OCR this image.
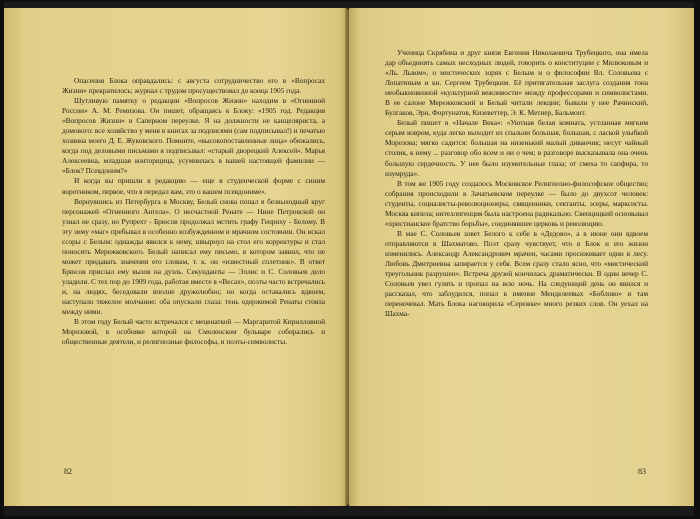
Опасения Блока оправдались: с августа сотрудничество его в «Вопросах Жизни» прекратилось; журнал с трудом просуществовал до конца 1905 года.

Шутливую памятку о редакции «Вопросов Жизни» находим в «Огненной России» А. М. Ремизова. Он пишет, обращаясь к Блоку: «1905 год. Редакция «Вопросов Жизни» в Саперном переулке. Я на должности не канцеляриста, а домового: все хозяйство у меня в книгах за подписями (сам подписывал!) и печатью хозяина моего Д. Е. Жуковского. Помните, «высокопоставленные лица» обижались, когда под деловыми письмами я подписывал: «старый дворецкий Алексей». Марья Алексеевна, младшая конторщица, усумнилась в вашей настоящей фамилии — «Блок? Псевдоним?»

И когда вы пришли в редакцию — еще в студенческой форме с синим воротником, первое, что я передал вам, это о вашем псевдониме».

Вернувшись из Петербурга в Москву, Белый снова попал в безвыходный круг персонажей «Огненного Ангела». О несчастной Ренате — Нине Петровской он узнал не сразу, но Рупрехт - Брюсов продолжал мстить графу Генриху - Белому. В эту зиму «маг» пребывал в особенно возбужденном и мрачном состоянии. Он искал ссоры с Белым: однажды явился к нему, швырнул на стол его корректуры и стал поносить Мережковского. Белый написал ему письмо, в котором заявил, что не может придавать значения его словам, т. к. он «известный сплетник». В ответ Брюсов прислал ему вызов на дуэль. Секунданты — Эллис и С. Соловьев дело уладили. С тех пор до 1909 года, работая вместе в «Весах», поэты часто встречались и, на людях, беседовали вполне дружелюбно; но когда оставались вдвоем, наступало тяжелое молчание: оба опускали глаза: тень одержимой Ренаты стояла между ними.

В этом году Белый часто встречался с меценаткой — Маргаритой Кирилловной Морозовой, в особняке которой на Смоленском бульваре собирались и общественные деятели, и религиозные философы, и поэты-символисты.

82

Ученица Скрябина и друг князя Евгения Николаевича Трубецкого, она имела дар объединять самых несходных людей, говорить о конституции с Милюковым и «Ль. Львом», о мистических зорях с Белым и о философии Вл. Соловьева с Лопатиным и кн. Сергеем Трубецким. Её притягательная заслуга создания тона необыкновенной «культурной вежливости» между профессорами и символистами. В ее салоне Мережковский и Белый читали лекции; бывали у нее Рачинский, Булгаков, Эрн, Фортунатов, Кизеветтер, Э. К. Метнер, Бальмонт.

Белый пишет в «Начале Века»: «Уютная белая комната, устланная мягким серым ковром, куда легко выходит из спальни большая, большая, с лаской улыбкой Морозова; мягко садится: большая на низенький малый диванчик; несут чайный столик, к нему ... разговор обо всем и ни о чем; в разговоре высказывала она очень большую сердечность. У нее было изумительные глаза; от смеха то сапфира, то изумруда».

В том же 1905 году создалось Московское Религиозно-философское общество; собрания происходили в Зачатьевском переулке — было до двухсот человек: студенты, социалисты-революционеры, священники, сектанты, эсеры, марксисты. Москва кипела; интеллигенция была настроена радикально. Свенцицкий основывал «христианское братство борьбы», соединявшее церковь и революцию.

В мае С. Соловьев зовет Белого к себе в «Дедово», а в июне они вдвоем отправляются в Шахматово. Поэт сразу чувствует, что в Блок и его жизни изменились. Александр Александрович мрачен, часами просиживает один в лесу. Любовь Дмитриевна запирается у себя. Всем сразу стало ясно, что «мистический треугольник разрушен». Встреча друзей кончилась драматически. В один вечер С. Соловьев увез гулять и пропал на всю ночь. На следующий день он явился и рассказал, что заблудился, попал в имение Менделеевых «Боблово» и там переночевал. Мать Блока наговорила «Сережке» много резких слов. Он уехал на Шахма-

83
